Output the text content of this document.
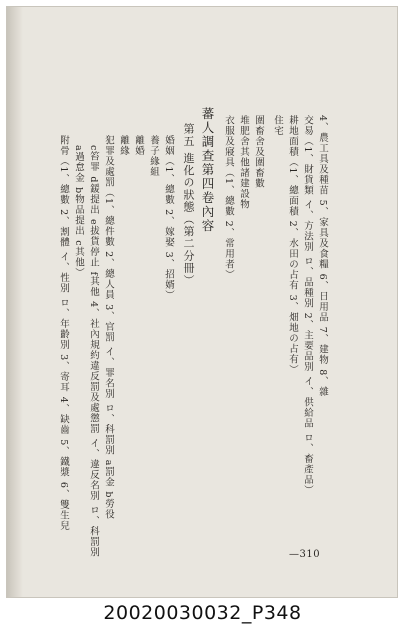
4、農工具及種苗 5、家具及食糧 6、日用品 7、建物 8、雜
交易（1、財貨類 イ、方法別 ロ、品種別 2、主要品別 イ、供給品 ロ、畜產品）
耕地面積（1、總面積 2、水田の占有 3、畑地の占有）
住宅
圍畜舍及圍畜數
堆肥舍其他諸建設物
衣服及寢具（1、總數 2、常用者）
蕃人調查第四卷內容
第五 進化の狀態（第二分冊）
婚姻（1、總數 2、嫁娶 3、招婿）
養子緣組
離婚
離緣
犯罪及處罰（1、總件數 2、總人員 3、官罰 イ、罪名別 ロ、科罰別 a罰金 b勞役
c笞罪 d鍰提出 e拔貨停止 f其他 4、社內規約違反罰及處懲罰 イ、違反名別 ロ、科罰別
a過怠金 b物品提出 c其他）
附骨（1、總數 2、割體 イ、性別 ロ、年齡別 3、寄耳 4、缺齒 5、鐵漿 6、雙生兒
—310
20020030032_P348
